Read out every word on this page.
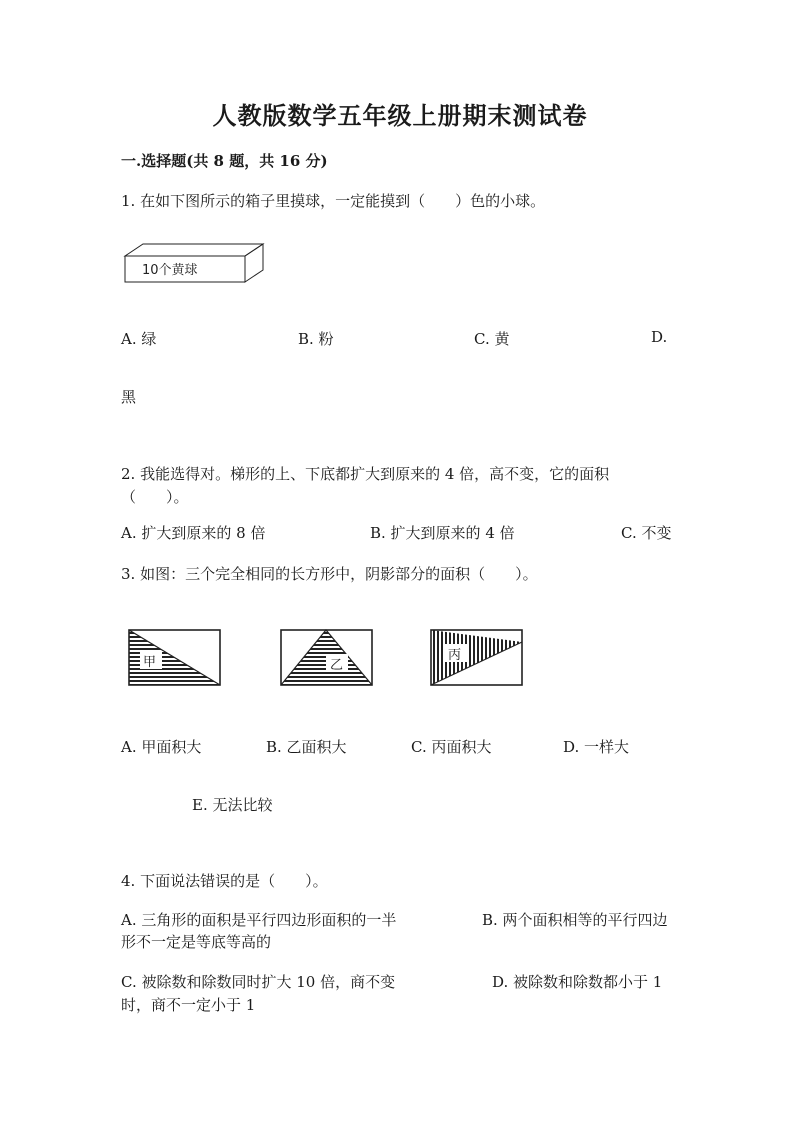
人教版数学五年级上册期末测试卷
一.选择题(共 8 题，共 16 分)
1. 在如下图所示的箱子里摸球，一定能摸到（　　）色的小球。
10个黄球
A. 绿	B. 粉	C. 黄	D.
黑
2. 我能选得对。梯形的上、下底都扩大到原来的 4 倍，高不变，它的面积
（　　）。
A. 扩大到原来的 8 倍	B. 扩大到原来的 4 倍	C. 不变
3. 如图：三个完全相同的长方形中，阴影部分的面积（　　）。
甲	乙
丙
A. 甲面积大	B. 乙面积大	C. 丙面积大	D. 一样大
E. 无法比较
4. 下面说法错误的是（　　）。
A. 三角形的面积是平行四边形面积的一半	B. 两个面积相等的平行四边
形不一定是等底等高的
C. 被除数和除数同时扩大 10 倍，商不变	D. 被除数和除数都小于 1
时，商不一定小于 1
